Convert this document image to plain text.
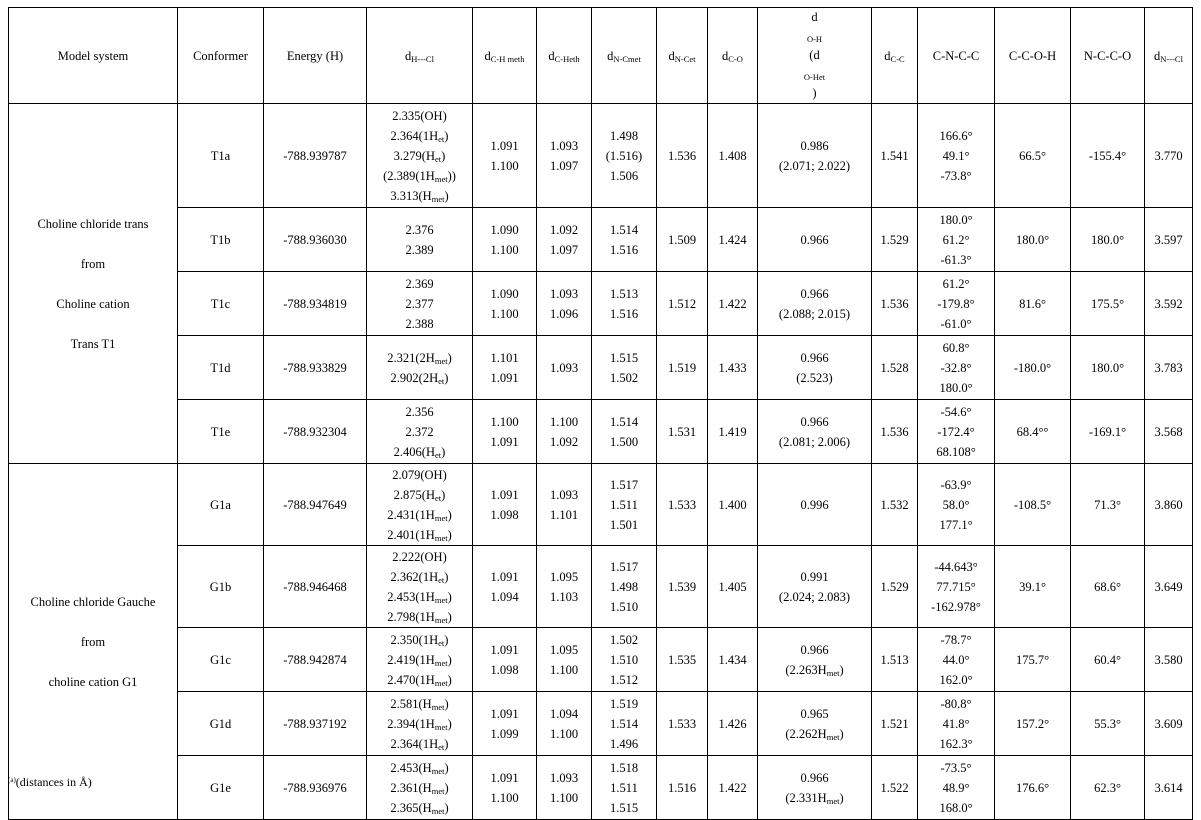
Model system	Conformer	Energy (H)	$d_{H---Cl}$	$d_{C-H meth}$	$d_{C-Heth}$	$d_{N-Cmet}$	$d_{N-Cet}$	$d_{C-O}$	d
$_{O-H}$
(d
$_{O-Het}$
)	$d_{C-C}$	C-N-C-C	C-C-O-H	N-C-C-O	$d_{N---Cl}$

Choline chloride trans
from
Choline cation
Trans T1	T1a	-788.939787	2.335(OH)
$2.364(1H_{et})$
$3.279(H_{et})$
$(2.389(1H_{met}))$
$3.313(H_{met})$	1.091
1.100	1.093
1.097	1.498
(1.516)
1.506	1.536	1.408	0.986
(2.071; 2.022)	1.541	166.6°
49.1°
-73.8°	66.5°	-155.4°	3.770
	T1b	-788.936030	2.376
2.389	1.090
1.100	1.092
1.097	1.514
1.516	1.509	1.424	0.966	1.529	180.0°
61.2°
-61.3°	180.0°	180.0°	3.597
	T1c	-788.934819	2.369
2.377
2.388	1.090
1.100	1.093
1.096	1.513
1.516	1.512	1.422	0.966
(2.088; 2.015)	1.536	61.2°
-179.8°
-61.0°	81.6°	175.5°	3.592
	T1d	-788.933829	$2.321(2H_{met})$
$2.902(2H_{et})$	1.101
1.091	1.093	1.515
1.502	1.519	1.433	0.966
(2.523)	1.528	60.8°
-32.8°
180.0°	-180.0°	180.0°	3.783
	T1e	-788.932304	2.356
2.372
$2.406(H_{et})$	1.100
1.091	1.100
1.092	1.514
1.500	1.531	1.419	0.966
(2.081; 2.006)	1.536	-54.6°
-172.4°
68.108°	68.4°°	-169.1°	3.568

Choline chloride Gauche
from
choline cation G1	G1a	-788.947649	2.079(OH)
$2.875(H_{et})$
$2.431(1H_{met})$
$2.401(1H_{met})$	1.091
1.098	1.093
1.101	1.517
1.511
1.501	1.533	1.400	0.996	1.532	-63.9°
58.0°
177.1°	-108.5°	71.3°	3.860
	G1b	-788.946468	2.222(OH)
$2.362(1H_{et})$
$2.453(1H_{met})$
$2.798(1H_{met})$	1.091
1.094	1.095
1.103	1.517
1.498
1.510	1.539	1.405	0.991
(2.024; 2.083)	1.529	-44.643°
77.715°
-162.978°	39.1°	68.6°	3.649
	G1c	-788.942874	$2.350(1H_{et})$
$2.419(1H_{met})$
$2.470(1H_{met})$	1.091
1.098	1.095
1.100	1.502
1.510
1.512	1.535	1.434	0.966
$(2.263H_{met})$	1.513	-78.7°
44.0°
162.0°	175.7°	60.4°	3.580
	G1d	-788.937192	$2.581(H_{met})$
$2.394(1H_{met})$
$2.364(1H_{et})$	1.091
1.099	1.094
1.100	1.519
1.514
1.496	1.533	1.426	0.965
$(2.262H_{met})$	1.521	-80.8°
41.8°
162.3°	157.2°	55.3°	3.609
	G1e	-788.936976	$2.453(H_{met})$
$2.361(H_{met})$
$2.365(H_{met})$	1.091
1.100	1.093
1.100	1.518
1.511
1.515	1.516	1.422	0.966
$(2.331H_{met})$	1.522	-73.5°
48.9°
168.0°	176.6°	62.3°	3.614
$^{(a)}$(distances in Å)
